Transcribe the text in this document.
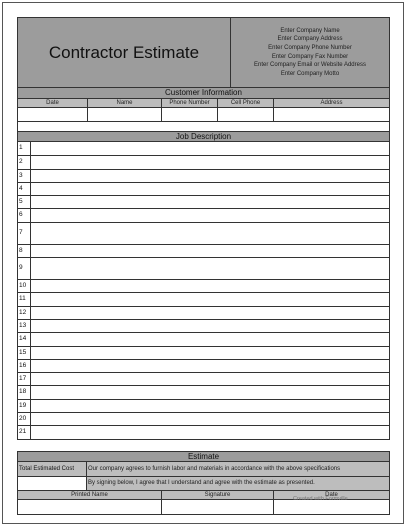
Contractor Estimate
Enter Company Name
Enter Company Address
Enter Company Phone Number
Enter Company Fax Number
Enter Company Email or Website Address
Enter Company Motto
Customer Information
Date	Name	Phone Number	Cell Phone	Address
Job Description
1
2
3
4
5
6
7
8
9
10
11
12
13
14
15
16
17
18
19
20
21
Estimate
Total Estimated Cost	Our company agrees to furnish labor and materials in accordance with the above specifications
By signing below, I agree that I understand and agree with the estimate as presented.
Printed Name	Signature	Date
Created with Formville
